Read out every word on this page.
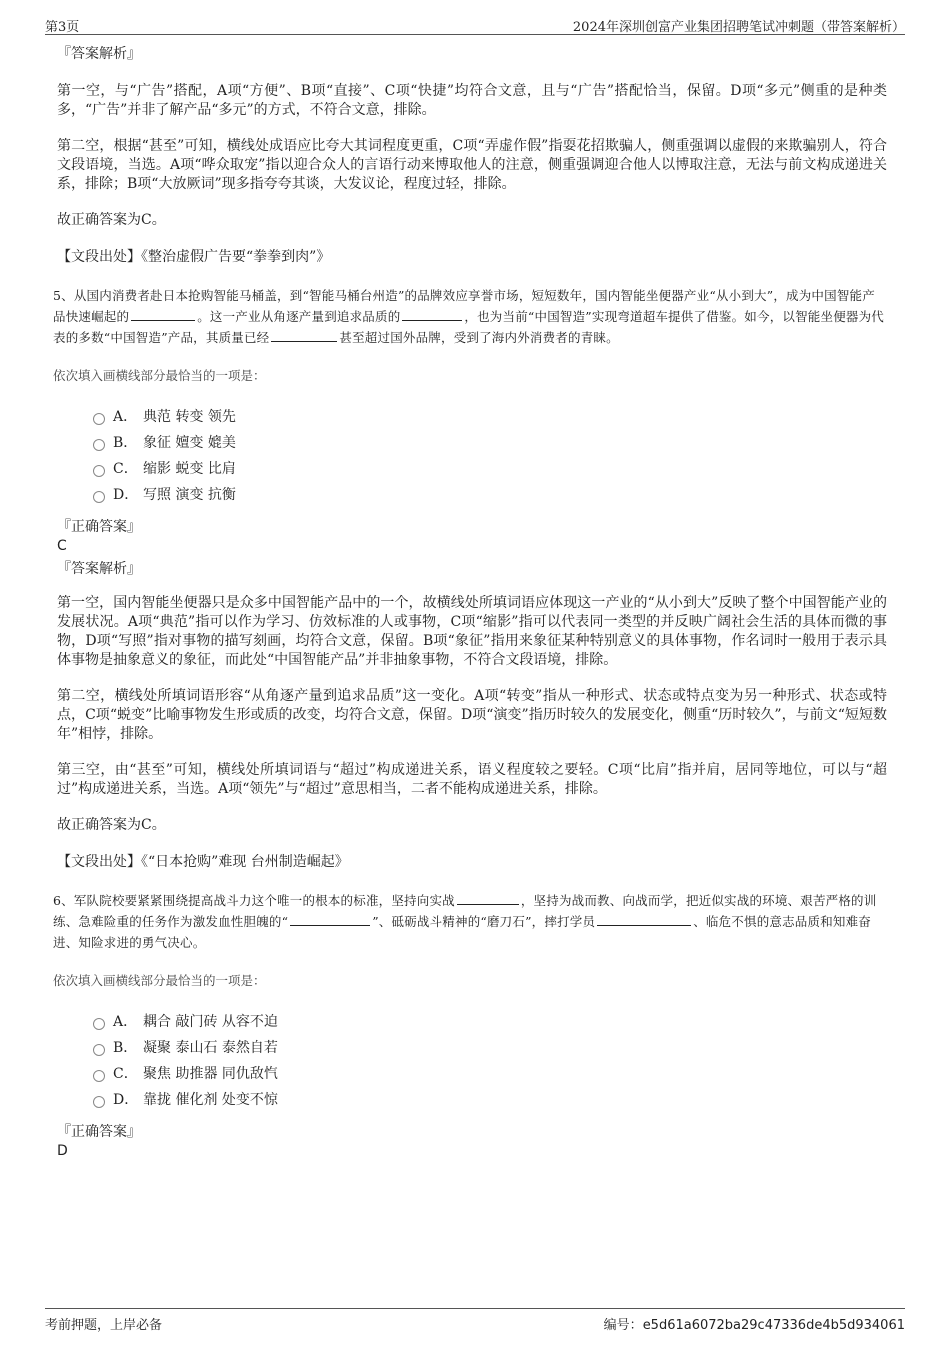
第3页	2024年深圳创富产业集团招聘笔试冲刺题（带答案解析）
『答案解析』

第一空，与“广告”搭配，A项“方便”、B项“直接”、C项“快捷”均符合文意，且与“广告”搭配恰当，保留。D项“多元”侧重的是种类多，“广告”并非了解产品“多元”的方式，不符合文意，排除。

第二空，根据“甚至”可知，横线处成语应比夸大其词程度更重，C项“弄虚作假”指耍花招欺骗人，侧重强调以虚假的来欺骗别人，符合文段语境，当选。A项“哗众取宠”指以迎合众人的言语行动来博取他人的注意，侧重强调迎合他人以博取注意，无法与前文构成递进关系，排除；B项“大放厥词”现多指夸夸其谈，大发议论，程度过轻，排除。

故正确答案为C。

【文段出处】《整治虚假广告要“拳拳到肉”》

5、从国内消费者赴日本抢购智能马桶盖，到“智能马桶台州造”的品牌效应享誉市场，短短数年，国内智能坐便器产业“从小到大”，成为中国智能产品快速崛起的	。这一产业从角逐产量到追求品质的	，也为当前“中国智造”实现弯道超车提供了借鉴。如今，以智能坐便器为代表的多数“中国智造”产品，其质量已经	甚至超过国外品牌，受到了海内外消费者的青睐。

依次填入画横线部分最恰当的一项是：
A． 典范 转变 领先
B． 象征 嬗变 媲美
C． 缩影 蜕变 比肩
D． 写照 演变 抗衡
『正确答案』
C
『答案解析』

第一空，国内智能坐便器只是众多中国智能产品中的一个，故横线处所填词语应体现这一产业的“从小到大”反映了整个中国智能产业的发展状况。A项“典范”指可以作为学习、仿效标准的人或事物，C项“缩影”指可以代表同一类型的并反映广阔社会生活的具体而微的事物，D项“写照”指对事物的描写刻画，均符合文意，保留。B项“象征”指用来象征某种特别意义的具体事物，作名词时一般用于表示具体事物是抽象意义的象征，而此处“中国智能产品”并非抽象事物，不符合文段语境，排除。

第二空，横线处所填词语形容“从角逐产量到追求品质”这一变化。A项“转变”指从一种形式、状态或特点变为另一种形式、状态或特点，C项“蜕变”比喻事物发生形或质的改变，均符合文意，保留。D项“演变”指历时较久的发展变化，侧重“历时较久”，与前文“短短数年”相悖，排除。

第三空，由“甚至”可知，横线处所填词语与“超过”构成递进关系，语义程度较之要轻。C项“比肩”指并肩，居同等地位，可以与“超过”构成递进关系，当选。A项“领先”与“超过”意思相当，二者不能构成递进关系，排除。

故正确答案为C。

【文段出处】《“日本抢购”难现 台州制造崛起》

6、军队院校要紧紧围绕提高战斗力这个唯一的根本的标准，坚持向实战	，坚持为战而教、向战而学，把近似实战的环境、艰苦严格的训练、急难险重的任务作为激发血性胆魄的“	”、砥砺战斗精神的“磨刀石”，摔打学员	、临危不惧的意志品质和知难奋进、知险求进的勇气决心。

依次填入画横线部分最恰当的一项是：
A． 耦合 敲门砖 从容不迫
B． 凝聚 泰山石 泰然自若
C． 聚焦 助推器 同仇敌忾
D． 靠拢 催化剂 处变不惊
『正确答案』
D
考前押题，上岸必备	编号：e5d61a6072ba29c47336de4b5d934061
